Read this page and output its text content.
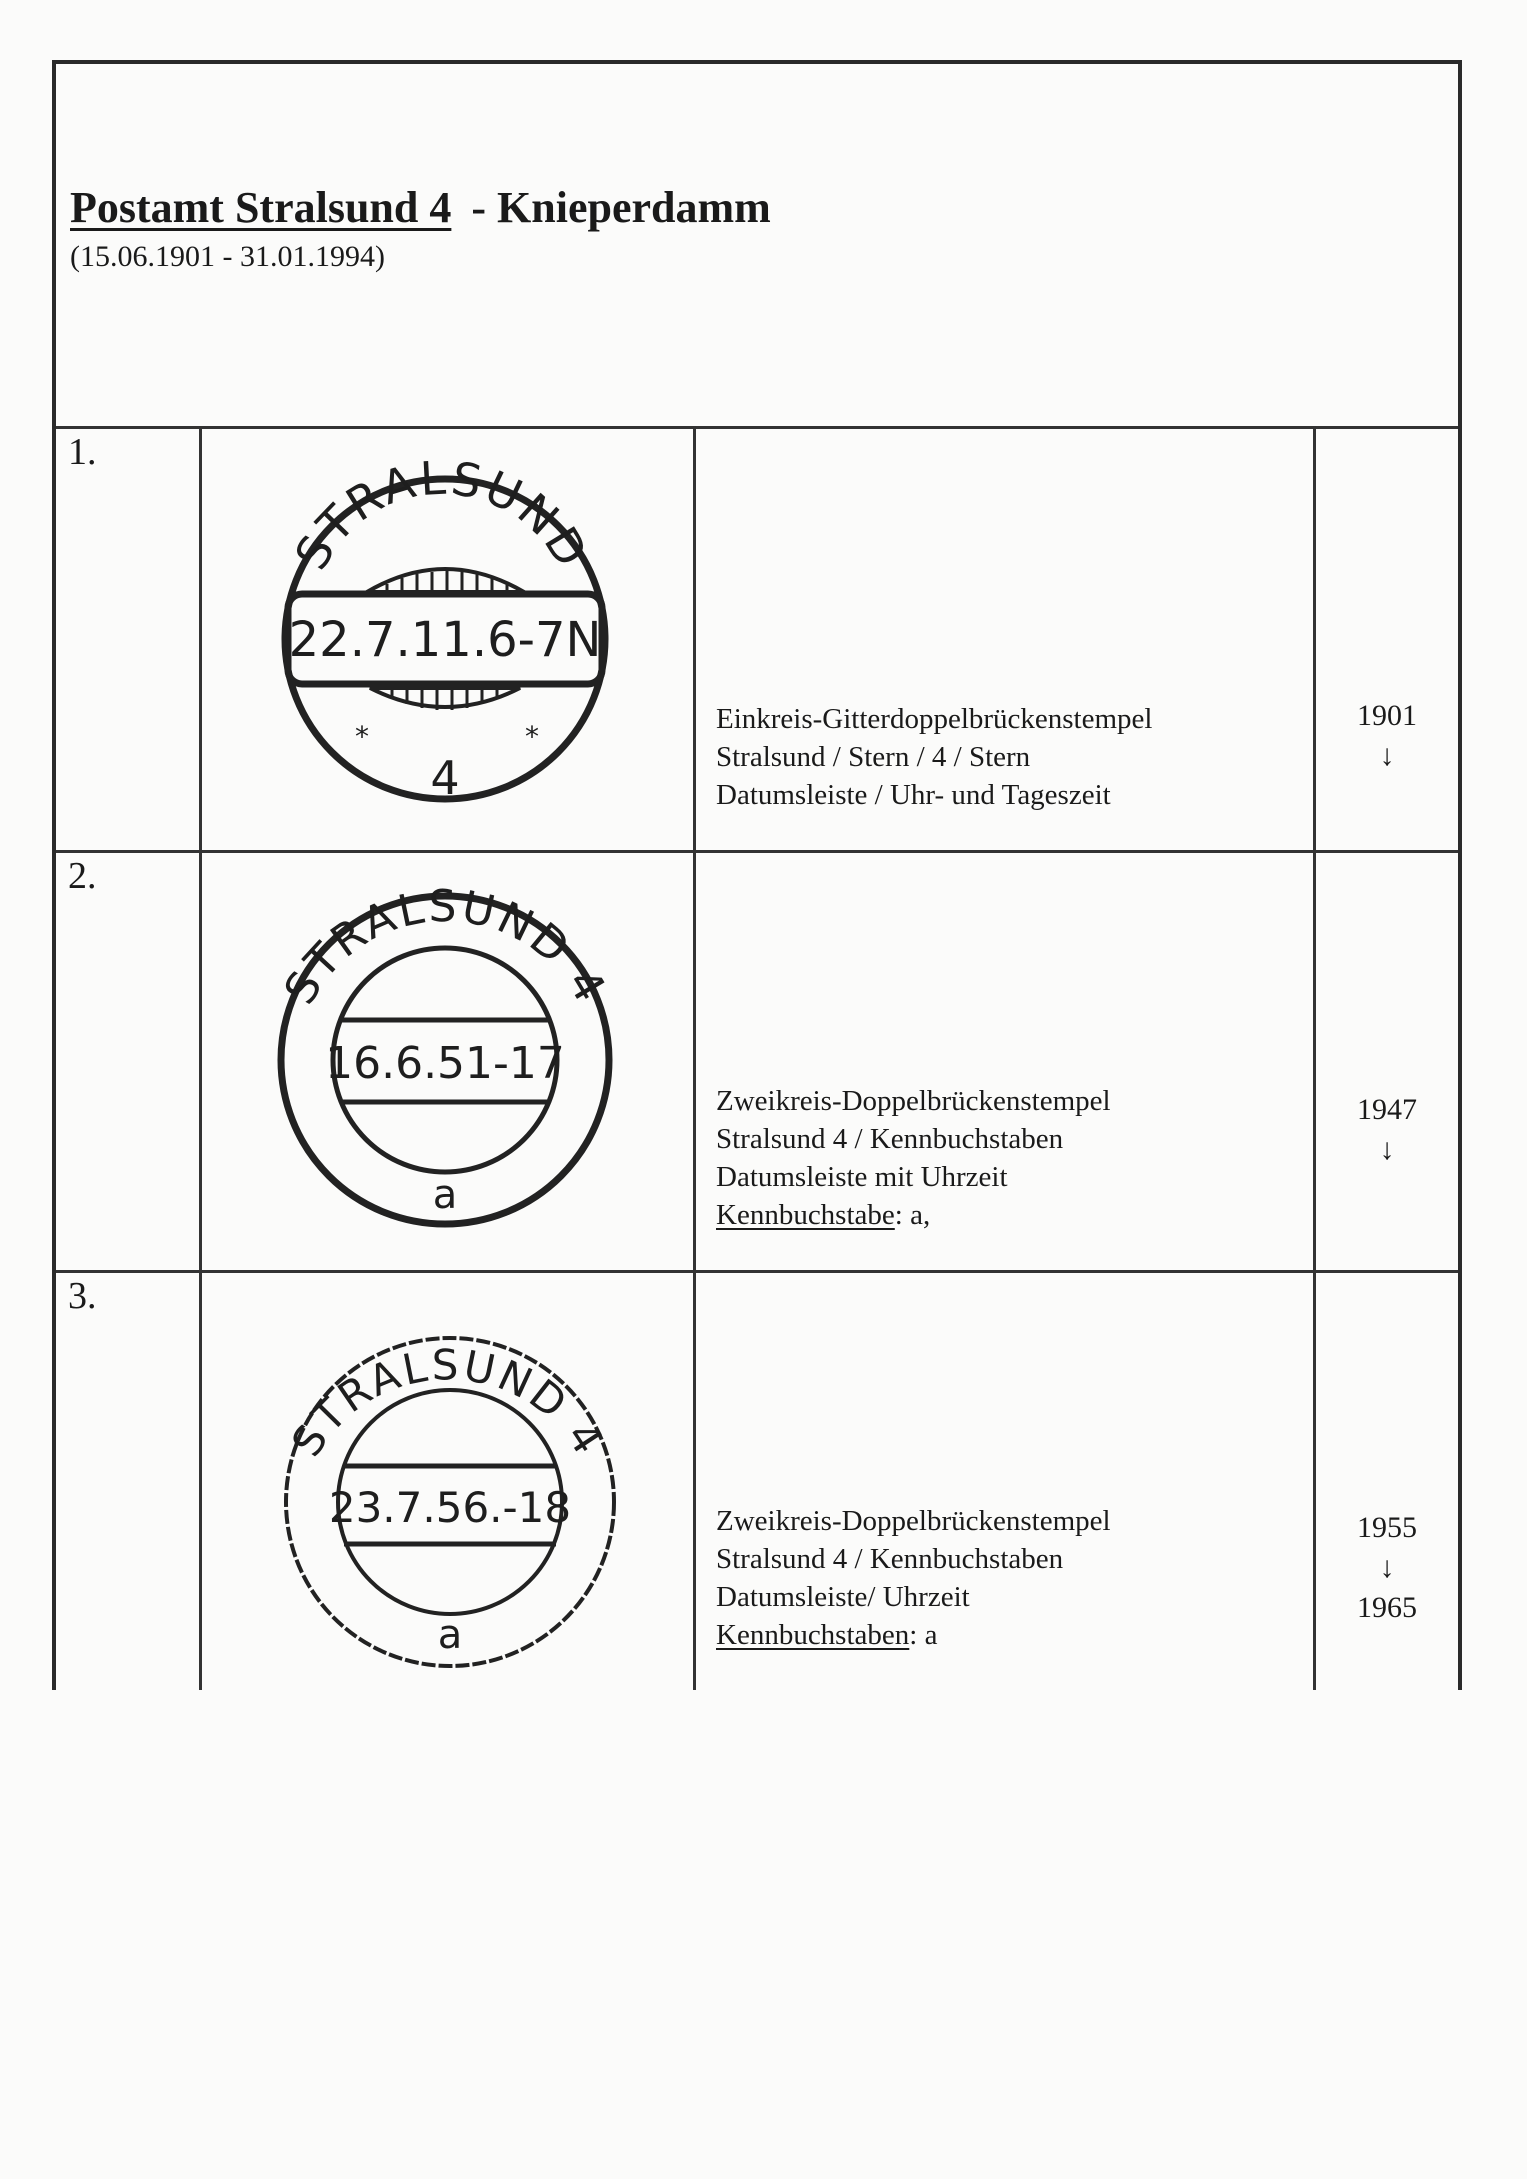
Postamt Stralsund 4 - Knieperdamm
(15.06.1901 - 31.01.1994)
1.
STRALSUND
22.7.11.6-7N
*	*
4
Einkreis-Gitterdoppelbrückenstempel
Stralsund / Stern / 4 / Stern
Datumsleiste / Uhr- und Tageszeit
1901
↓
2.
STRALSUND 4
16.6.51-17
a
Zweikreis-Doppelbrückenstempel
Stralsund 4 / Kennbuchstaben
Datumsleiste mit Uhrzeit
Kennbuchstabe: a,
1947
↓
3.
STRALSUND 4
23.7.56.-18
a
Zweikreis-Doppelbrückenstempel
Stralsund 4 / Kennbuchstaben
Datumsleiste/ Uhrzeit
Kennbuchstaben: a
1955
↓
1965
